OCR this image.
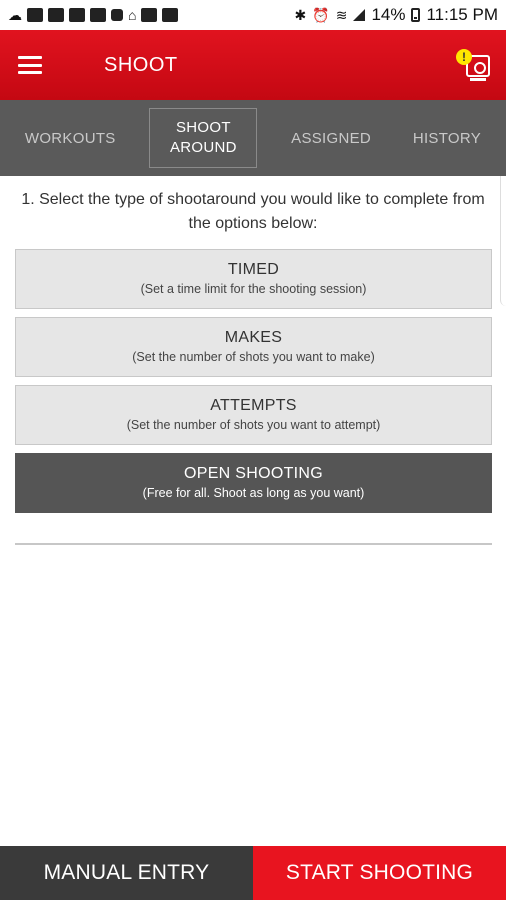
☁	⌂	✱ ⏰ ≋ 14% 11:15 PM
SHOOT	!
WORKOUTS
SHOOT AROUND
ASSIGNED	HISTORY
1. Select the type of shootaround you would like to complete from the options below:
TIMED
(Set a time limit for the shooting session)
MAKES
(Set the number of shots you want to make)
ATTEMPTS
(Set the number of shots you want to attempt)
OPEN SHOOTING
(Free for all. Shoot as long as you want)
MANUAL ENTRY	START SHOOTING
